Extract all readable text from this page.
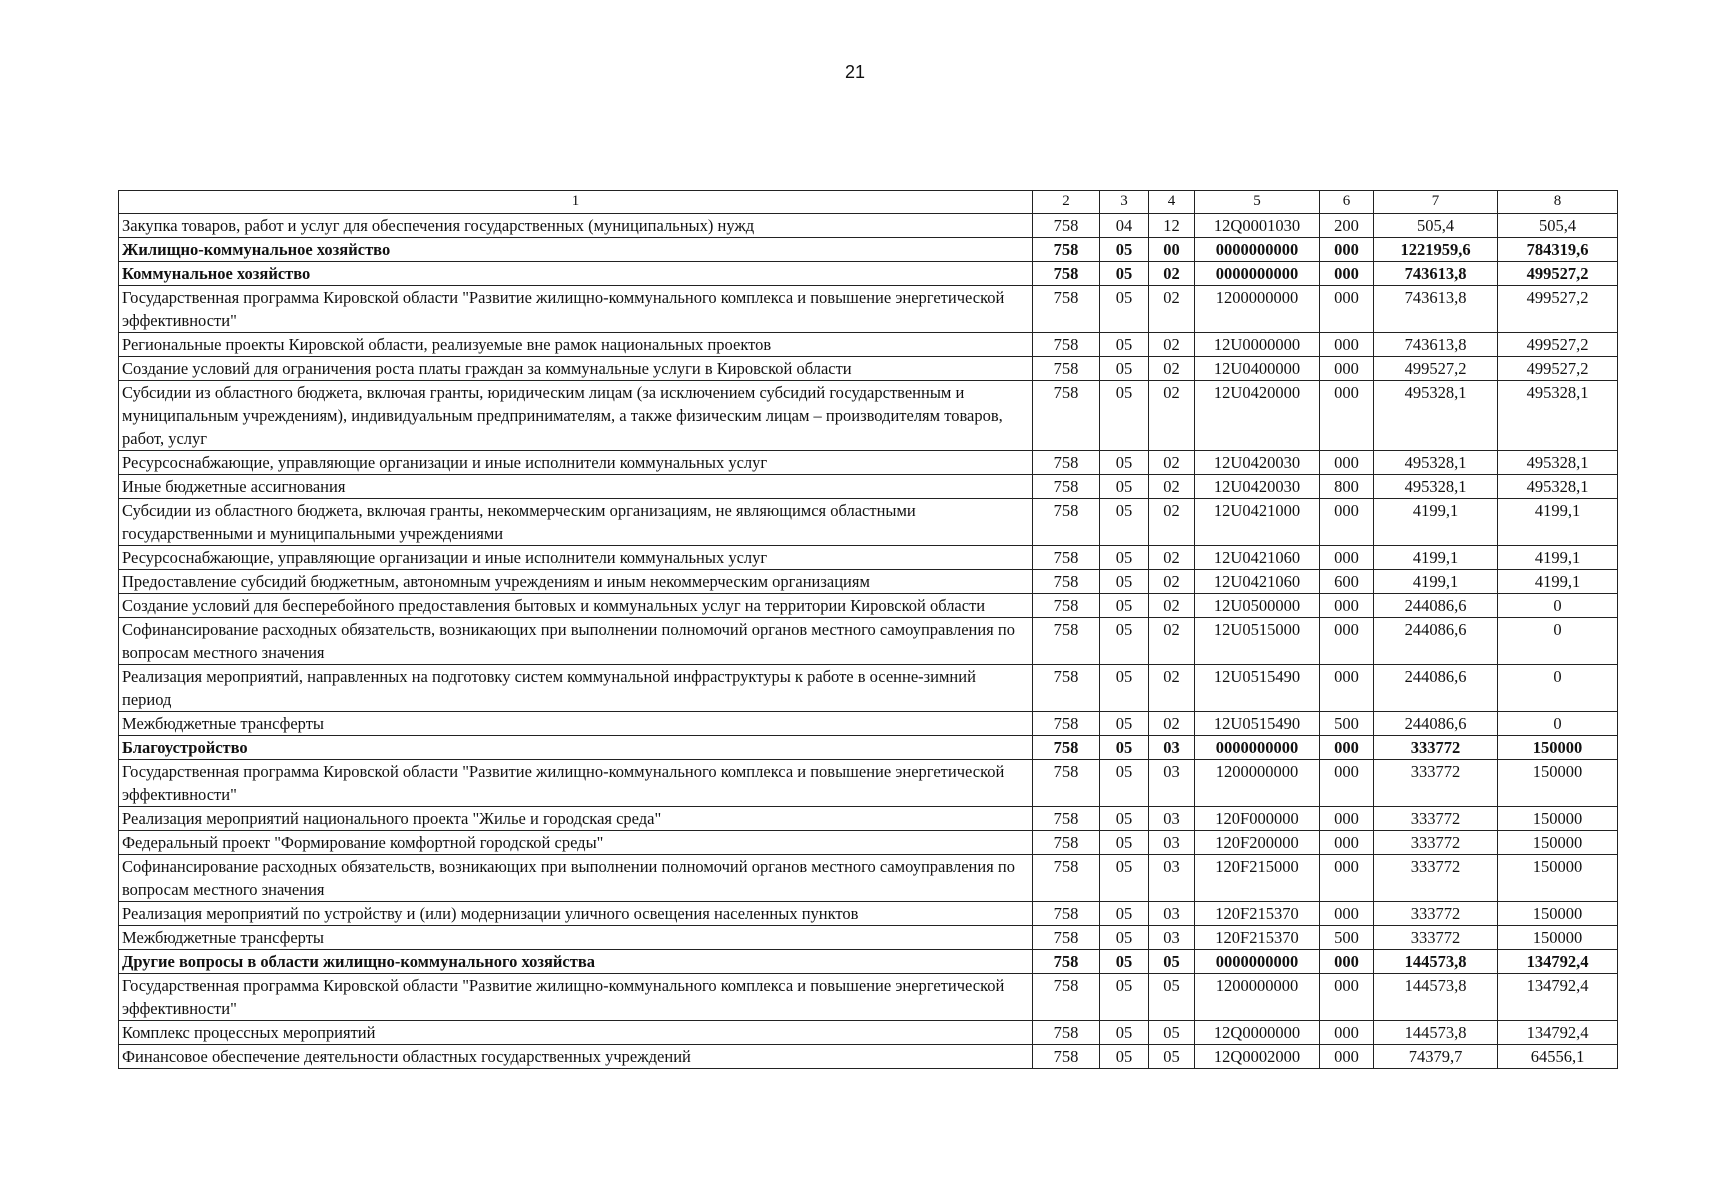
21
1	2	3	4	5	6	7	8
Закупка товаров, работ и услуг для обеспечения государственных (муниципальных) нужд	758	04	12	12Q0001030	200	505,4	505,4
Жилищно-коммунальное хозяйство	758	05	00	0000000000	000	1221959,6	784319,6
Коммунальное хозяйство	758	05	02	0000000000	000	743613,8	499527,2
Государственная программа Кировской области "Развитие жилищно-коммунального комплекса и повышение энергетической эффективности"	758	05	02	1200000000	000	743613,8	499527,2
Региональные проекты Кировской области, реализуемые вне рамок национальных проектов	758	05	02	12U0000000	000	743613,8	499527,2
Создание условий для ограничения роста платы граждан за коммунальные услуги в Кировской области	758	05	02	12U0400000	000	499527,2	499527,2
Субсидии из областного бюджета, включая гранты, юридическим лицам (за исключением субсидий государственным и муниципальным учреждениям), индивидуальным предпринимателям, а также физическим лицам – производителям товаров, работ, услуг	758	05	02	12U0420000	000	495328,1	495328,1
Ресурсоснабжающие, управляющие организации и иные исполнители коммунальных услуг	758	05	02	12U0420030	000	495328,1	495328,1
Иные бюджетные ассигнования	758	05	02	12U0420030	800	495328,1	495328,1
Субсидии из областного бюджета, включая гранты, некоммерческим организациям, не являющимся областными государственными и муниципальными учреждениями	758	05	02	12U0421000	000	4199,1	4199,1
Ресурсоснабжающие, управляющие организации и иные исполнители коммунальных услуг	758	05	02	12U0421060	000	4199,1	4199,1
Предоставление субсидий бюджетным, автономным учреждениям и иным некоммерческим организациям	758	05	02	12U0421060	600	4199,1	4199,1
Создание условий для бесперебойного предоставления бытовых и коммунальных услуг на территории Кировской области	758	05	02	12U0500000	000	244086,6	0
Софинансирование расходных обязательств, возникающих при выполнении полномочий органов местного самоуправления по вопросам местного значения	758	05	02	12U0515000	000	244086,6	0
Реализация мероприятий, направленных на подготовку систем коммунальной инфраструктуры к работе в осенне-зимний период	758	05	02	12U0515490	000	244086,6	0
Межбюджетные трансферты	758	05	02	12U0515490	500	244086,6	0
Благоустройство	758	05	03	0000000000	000	333772	150000
Государственная программа Кировской области "Развитие жилищно-коммунального комплекса и повышение энергетической эффективности"	758	05	03	1200000000	000	333772	150000
Реализация мероприятий национального проекта "Жилье и городская среда"	758	05	03	120F000000	000	333772	150000
Федеральный проект "Формирование комфортной городской среды"	758	05	03	120F200000	000	333772	150000
Софинансирование расходных обязательств, возникающих при выполнении полномочий органов местного самоуправления по вопросам местного значения	758	05	03	120F215000	000	333772	150000
Реализация мероприятий по устройству и (или) модернизации уличного освещения населенных пунктов	758	05	03	120F215370	000	333772	150000
Межбюджетные трансферты	758	05	03	120F215370	500	333772	150000
Другие вопросы в области жилищно-коммунального хозяйства	758	05	05	0000000000	000	144573,8	134792,4
Государственная программа Кировской области "Развитие жилищно-коммунального комплекса и повышение энергетической эффективности"	758	05	05	1200000000	000	144573,8	134792,4
Комплекс процессных мероприятий	758	05	05	12Q0000000	000	144573,8	134792,4
Финансовое обеспечение деятельности областных государственных учреждений	758	05	05	12Q0002000	000	74379,7	64556,1
